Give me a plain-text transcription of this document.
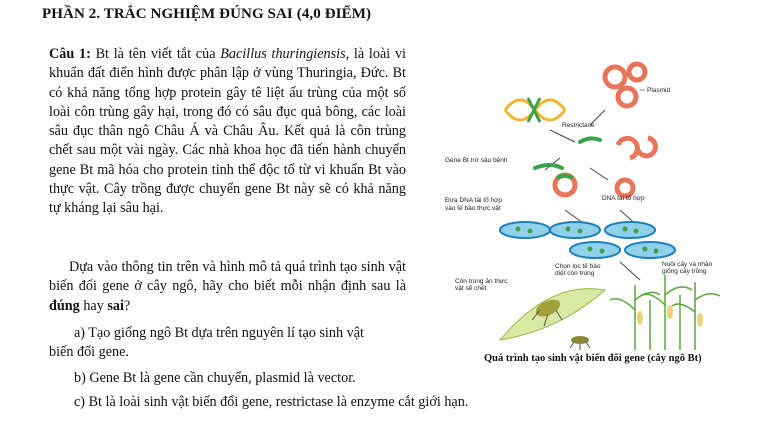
PHẦN 2. TRẮC NGHIỆM ĐÚNG SAI (4,0 ĐIỂM)
Câu 1: Bt là tên viết tắt của Bacillus thuringiensis, là loài vi khuẩn đất điển hình được phân lập ở vùng Thuringia, Đức. Bt có khả năng tổng hợp protein gây tê liệt ấu trùng của một số loài côn trùng gây hại, trong đó có sâu đục quả bông, các loài sâu đục thân ngô Châu Á và Châu Âu. Kết quả là côn trùng chết sau một vài ngày. Các nhà khoa học đã tiến hành chuyển gene Bt mã hóa cho protein tinh thể độc tố từ vi khuẩn Bt vào thực vật. Cây trồng được chuyển gene Bt này sẽ có khả năng tự kháng lại sâu hại.
Dựa vào thông tin trên và hình mô tả quá trình tạo sinh vật biến đổi gene ở cây ngô, hãy cho biết mỗi nhận định sau là đúng hay sai?
a) Tạo giống ngô Bt dựa trên nguyên lí tạo sinh vật
biến đổi gene.
b) Gene Bt là gene cần chuyển, plasmid là vector.
c) Bt là loài sinh vật biến đổi gene, restrictase là enzyme cắt giới hạn.
Plasmid
Restrictase
Gene Bt trừ sâu bệnh
DNA tái tổ hợp
Đưa DNA tái tổ hợp
vào tế bào thực vật
Chọn lọc tế bào
diệt côn trùng
Nuôi cấy và nhân
giống cây trồng
Côn trùng ăn thực
vật sẽ chết
Quá trình tạo sinh vật biến đổi gene (cây ngô Bt)
